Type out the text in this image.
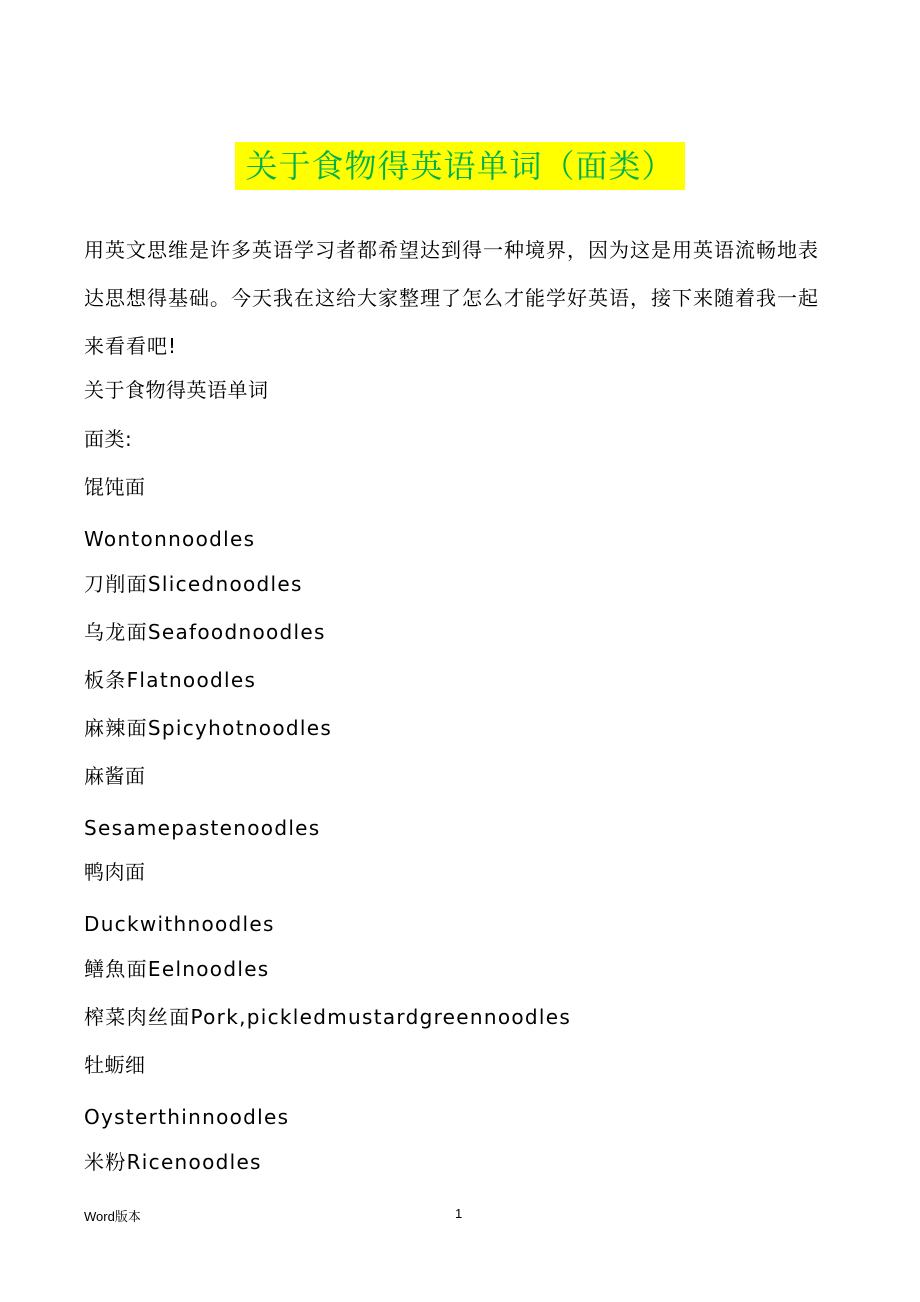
关于食物得英语单词（面类）

用英文思维是许多英语学习者都希望达到得一种境界，因为这是用英语流畅地表达思想得基础。今天我在这给大家整理了怎么才能学好英语，接下来随着我一起来看看吧!

关于食物得英语单词
面类:
馄饨面
Wontonnoodles
刀削面Slicednoodles
乌龙面Seafoodnoodles
板条Flatnoodles
麻辣面Spicyhotnoodles
麻酱面
Sesamepastenoodles
鸭肉面
Duckwithnoodles
鳝魚面Eelnoodles
榨菜肉丝面Pork,pickledmustardgreennoodles
牡蛎细
Oysterthinnoodles
米粉Ricenoodles
Word版本	1
